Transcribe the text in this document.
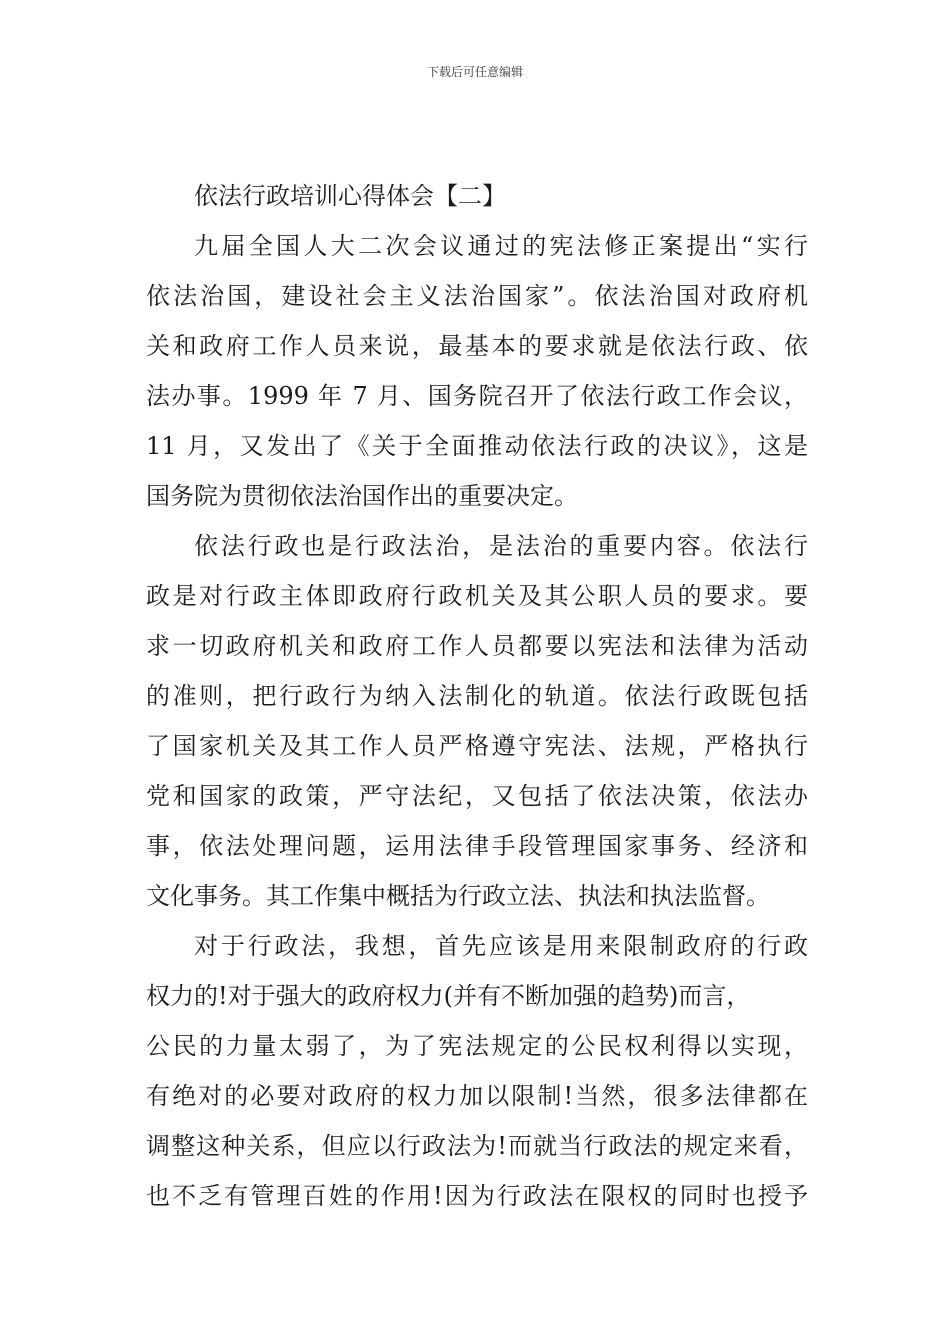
下载后可任意编辑
依法行政培训心得体会【二】
九届全国人大二次会议通过的宪法修正案提出“实行
依法治国，建设社会主义法治国家”。依法治国对政府机
关和政府工作人员来说，最基本的要求就是依法行政、依
法办事。1999 年 7 月、国务院召开了依法行政工作会议，
11 月，又发出了《关于全面推动依法行政的决议》，这是
国务院为贯彻依法治国作出的重要决定。
依法行政也是行政法治，是法治的重要内容。依法行
政是对行政主体即政府行政机关及其公职人员的要求。要
求一切政府机关和政府工作人员都要以宪法和法律为活动
的准则，把行政行为纳入法制化的轨道。依法行政既包括
了国家机关及其工作人员严格遵守宪法、法规，严格执行
党和国家的政策，严守法纪，又包括了依法决策，依法办
事，依法处理问题，运用法律手段管理国家事务、经济和
文化事务。其工作集中概括为行政立法、执法和执法监督。
对于行政法，我想，首先应该是用来限制政府的行政
权力的!对于强大的政府权力(并有不断加强的趋势)而言，
公民的力量太弱了，为了宪法规定的公民权利得以实现，
有绝对的必要对政府的权力加以限制!当然，很多法律都在
调整这种关系，但应以行政法为!而就当行政法的规定来看，
也不乏有管理百姓的作用!因为行政法在限权的同时也授予
